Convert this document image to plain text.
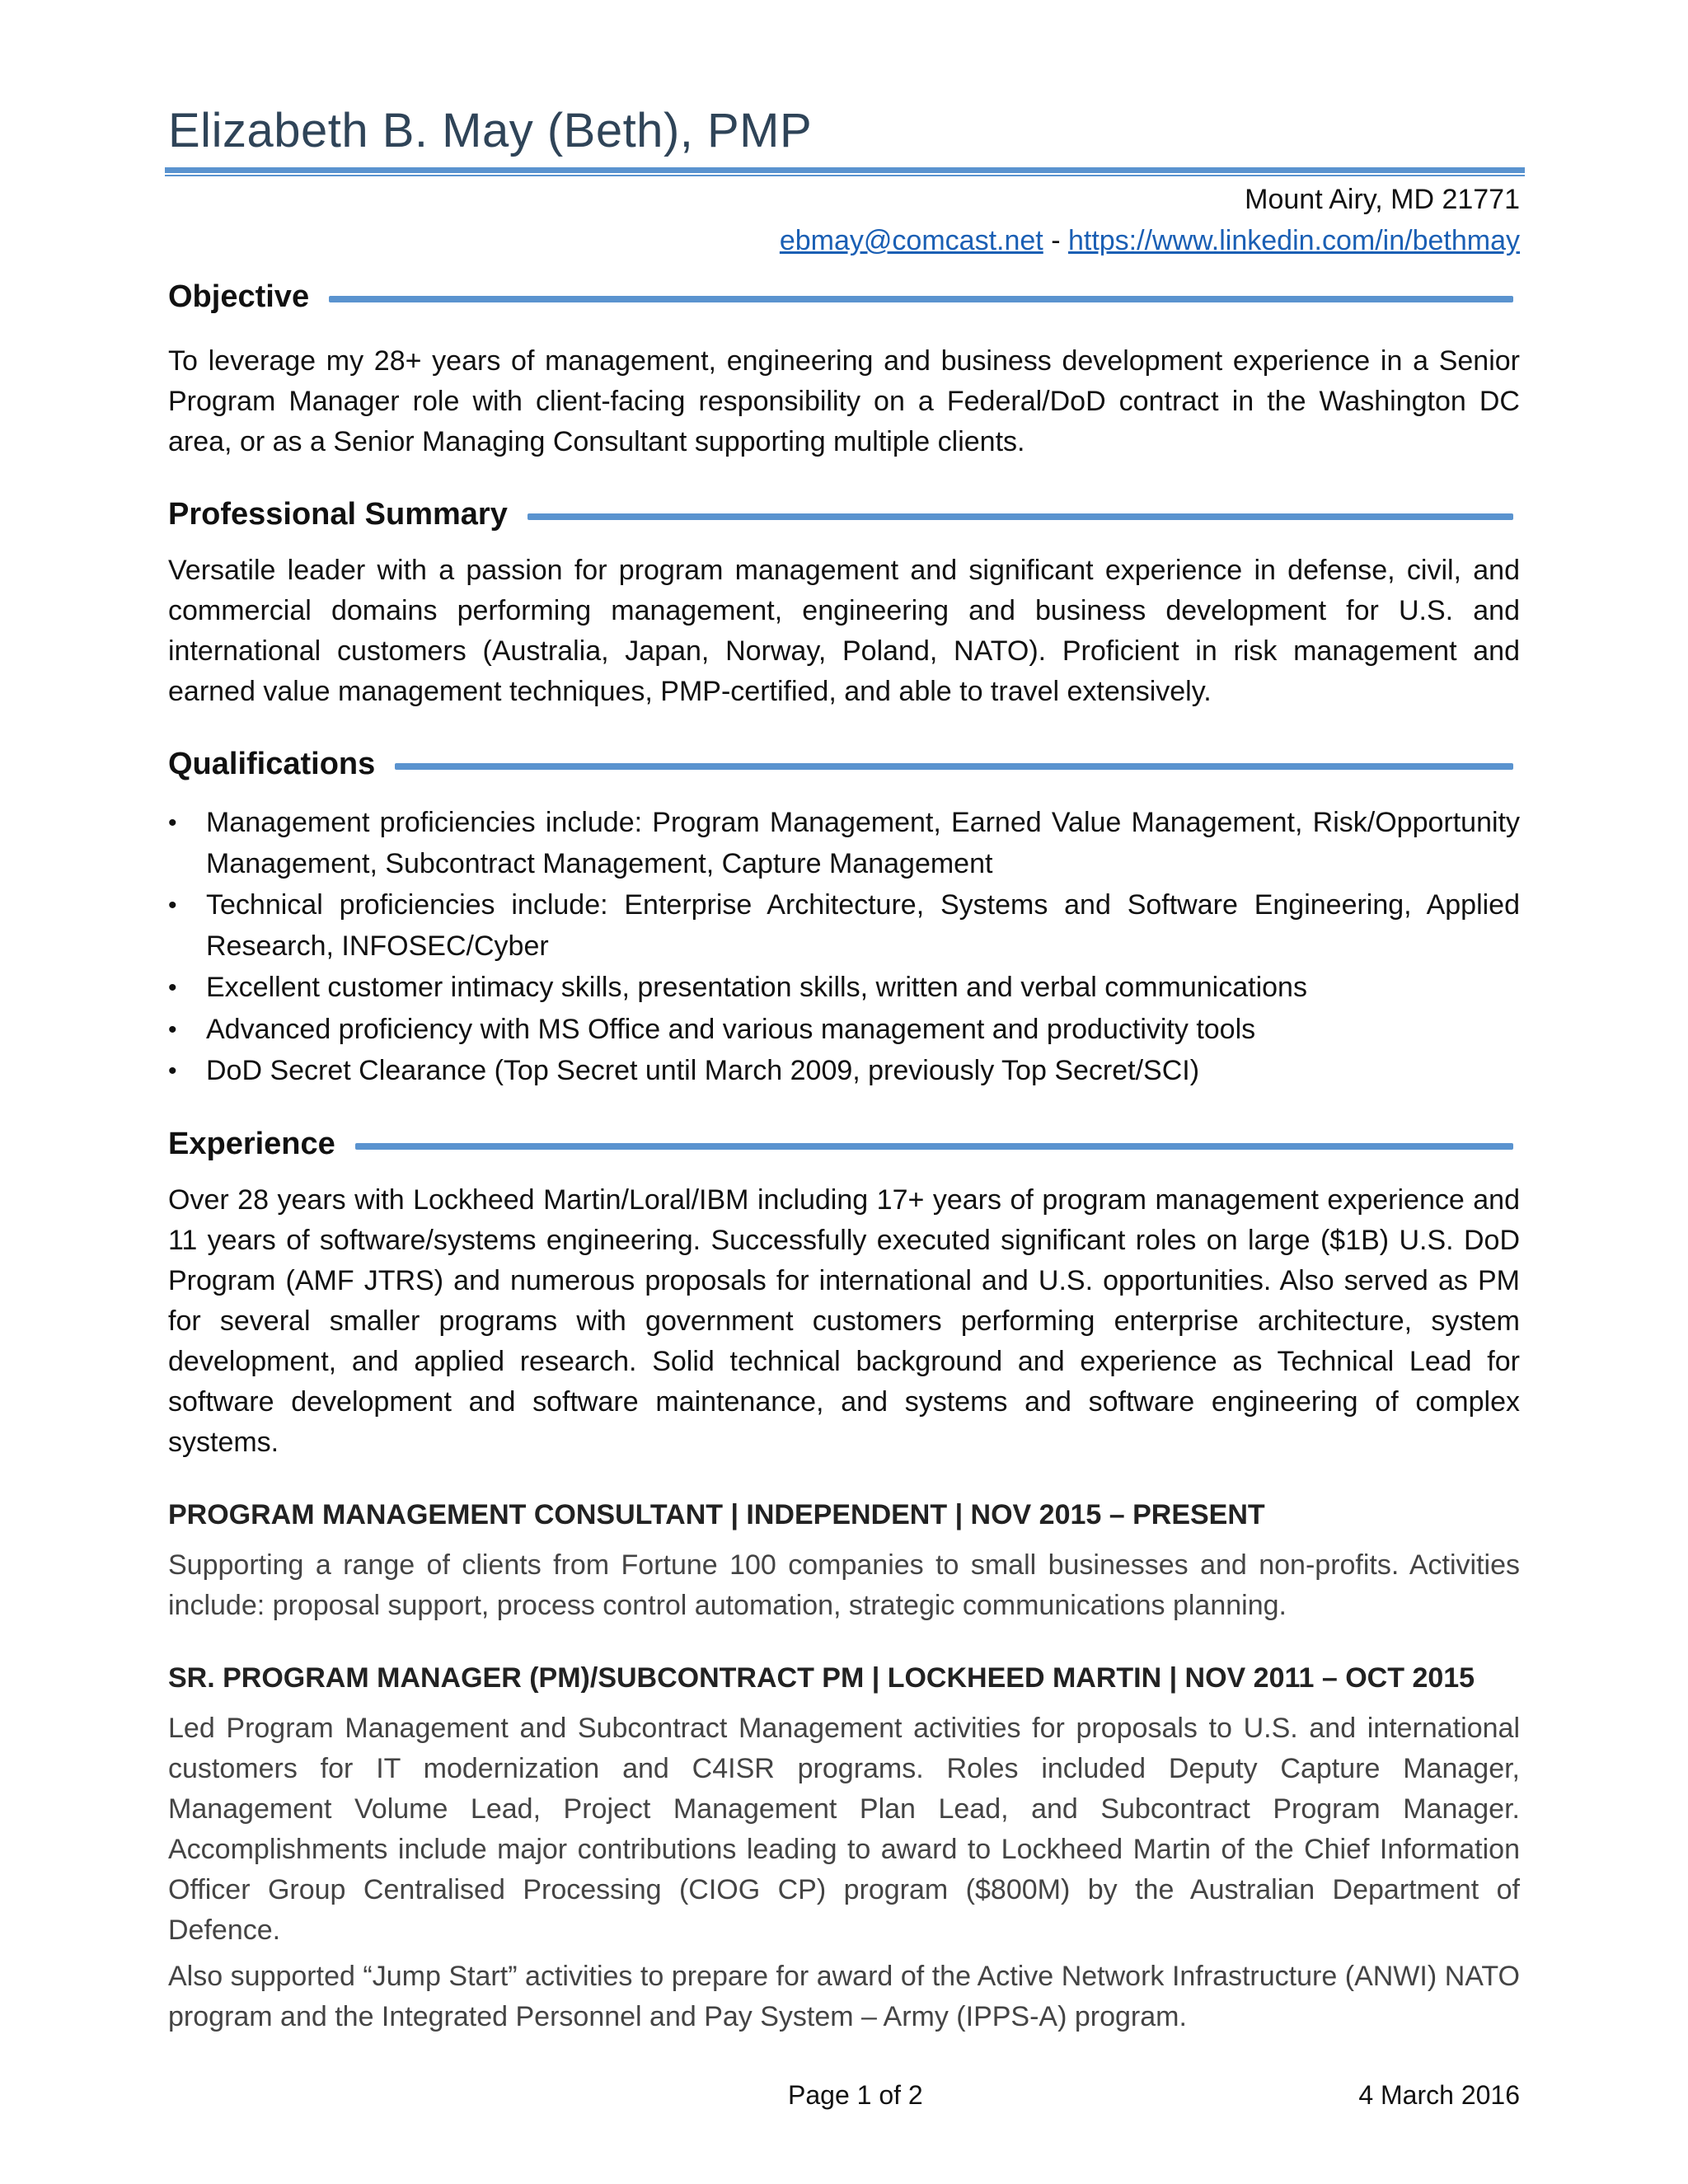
Elizabeth B. May (Beth), PMP
Mount Airy, MD 21771
ebmay@comcast.net - https://www.linkedin.com/in/bethmay
Objective
To leverage my 28+ years of management, engineering and business development experience in a Senior Program Manager role with client-facing responsibility on a Federal/DoD contract in the Washington DC area, or as a Senior Managing Consultant supporting multiple clients.
Professional Summary
Versatile leader with a passion for program management and significant experience in defense, civil, and commercial domains performing management, engineering and business development for U.S. and international customers (Australia, Japan, Norway, Poland, NATO). Proficient in risk management and earned value management techniques, PMP-certified, and able to travel extensively.
Qualifications
• Management proficiencies include: Program Management, Earned Value Management, Risk/Opportunity Management, Subcontract Management, Capture Management
• Technical proficiencies include: Enterprise Architecture, Systems and Software Engineering, Applied Research, INFOSEC/Cyber
• Excellent customer intimacy skills, presentation skills, written and verbal communications
• Advanced proficiency with MS Office and various management and productivity tools
• DoD Secret Clearance (Top Secret until March 2009, previously Top Secret/SCI)
Experience
Over 28 years with Lockheed Martin/Loral/IBM including 17+ years of program management experience and 11 years of software/systems engineering. Successfully executed significant roles on large ($1B) U.S. DoD Program (AMF JTRS) and numerous proposals for international and U.S. opportunities. Also served as PM for several smaller programs with government customers performing enterprise architecture, system development, and applied research. Solid technical background and experience as Technical Lead for software development and software maintenance, and systems and software engineering of complex systems.
PROGRAM MANAGEMENT CONSULTANT | INDEPENDENT | NOV 2015 – PRESENT
Supporting a range of clients from Fortune 100 companies to small businesses and non-profits. Activities include: proposal support, process control automation, strategic communications planning.
SR. PROGRAM MANAGER (PM)/SUBCONTRACT PM | LOCKHEED MARTIN | NOV 2011 – OCT 2015
Led Program Management and Subcontract Management activities for proposals to U.S. and international customers for IT modernization and C4ISR programs. Roles included Deputy Capture Manager, Management Volume Lead, Project Management Plan Lead, and Subcontract Program Manager. Accomplishments include major contributions leading to award to Lockheed Martin of the Chief Information Officer Group Centralised Processing (CIOG CP) program ($800M) by the Australian Department of Defence.
Also supported “Jump Start” activities to prepare for award of the Active Network Infrastructure (ANWI) NATO program and the Integrated Personnel and Pay System – Army (IPPS-A) program.
Page 1 of 2	4 March 2016
